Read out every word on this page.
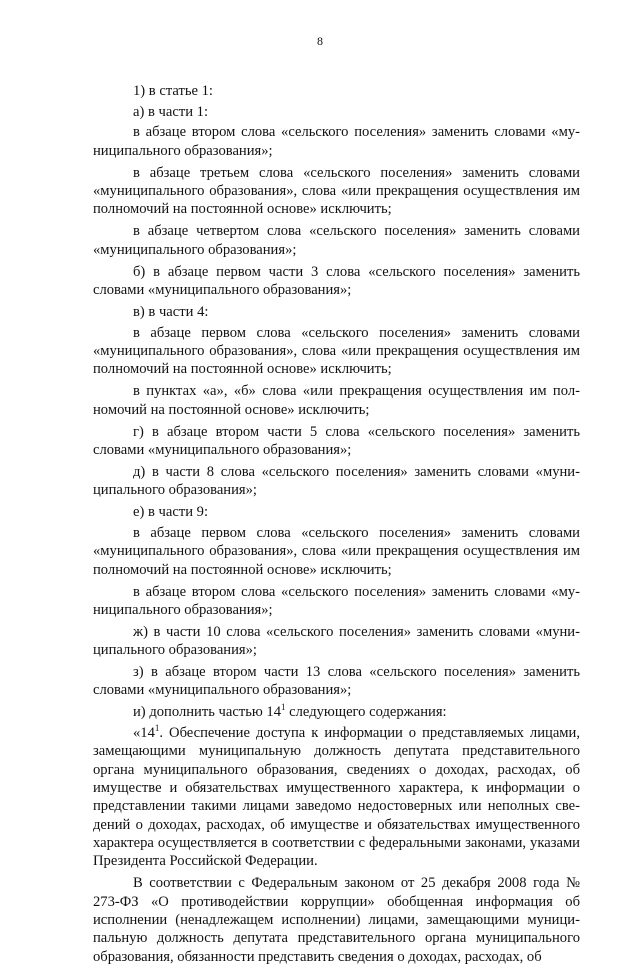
8

1) в статье 1:

а) в части 1:

в абзаце втором слова «сельского поселения» заменить словами «муниципального образования»;

в абзаце третьем слова «сельского поселения» заменить словами «муниципального образования», слова «или прекращения осуществления им полномочий на постоянной основе» исключить;

в абзаце четвертом слова «сельского поселения» заменить словами «муниципального образования»;

б) в абзаце первом части 3 слова «сельского поселения» заменить словами «муниципального образования»;

в) в части 4:

в абзаце первом слова «сельского поселения» заменить словами «муниципального образования», слова «или прекращения осуществления им полномочий на постоянной основе» исключить;

в пунктах «а», «б» слова «или прекращения осуществления им полномочий на постоянной основе» исключить;

г) в абзаце втором части 5 слова «сельского поселения» заменить словами «муниципального образования»;

д) в части 8 слова «сельского поселения» заменить словами «муниципального образования»;

е) в части 9:

в абзаце первом слова «сельского поселения» заменить словами «муниципального образования», слова «или прекращения осуществления им полномочий на постоянной основе» исключить;

в абзаце втором слова «сельского поселения» заменить словами «муниципального образования»;

ж) в части 10 слова «сельского поселения» заменить словами «муниципального образования»;

з) в абзаце втором части 13 слова «сельского поселения» заменить словами «муниципального образования»;

и) дополнить частью $14^1$ следующего содержания:

«$14^1$. Обеспечение доступа к информации о представляемых лицами, замещающими муниципальную должность депутата представительного органа муниципального образования, сведениях о доходах, расходах, об имуществе и обязательствах имущественного характера, к информации о представлении такими лицами заведомо недостоверных или неполных сведений о доходах, расходах, об имуществе и обязательствах имущественного характера осуществляется в соответствии с федеральными законами, указами Президента Российской Федерации.

В соответствии с Федеральным законом от 25 декабря 2008 года № 273-ФЗ «О противодействии коррупции» обобщенная информация об исполнении (ненадлежащем исполнении) лицами, замещающими муниципальную должность депутата представительного органа муниципального образования, обязанности представить сведения о доходах, расходах, об
